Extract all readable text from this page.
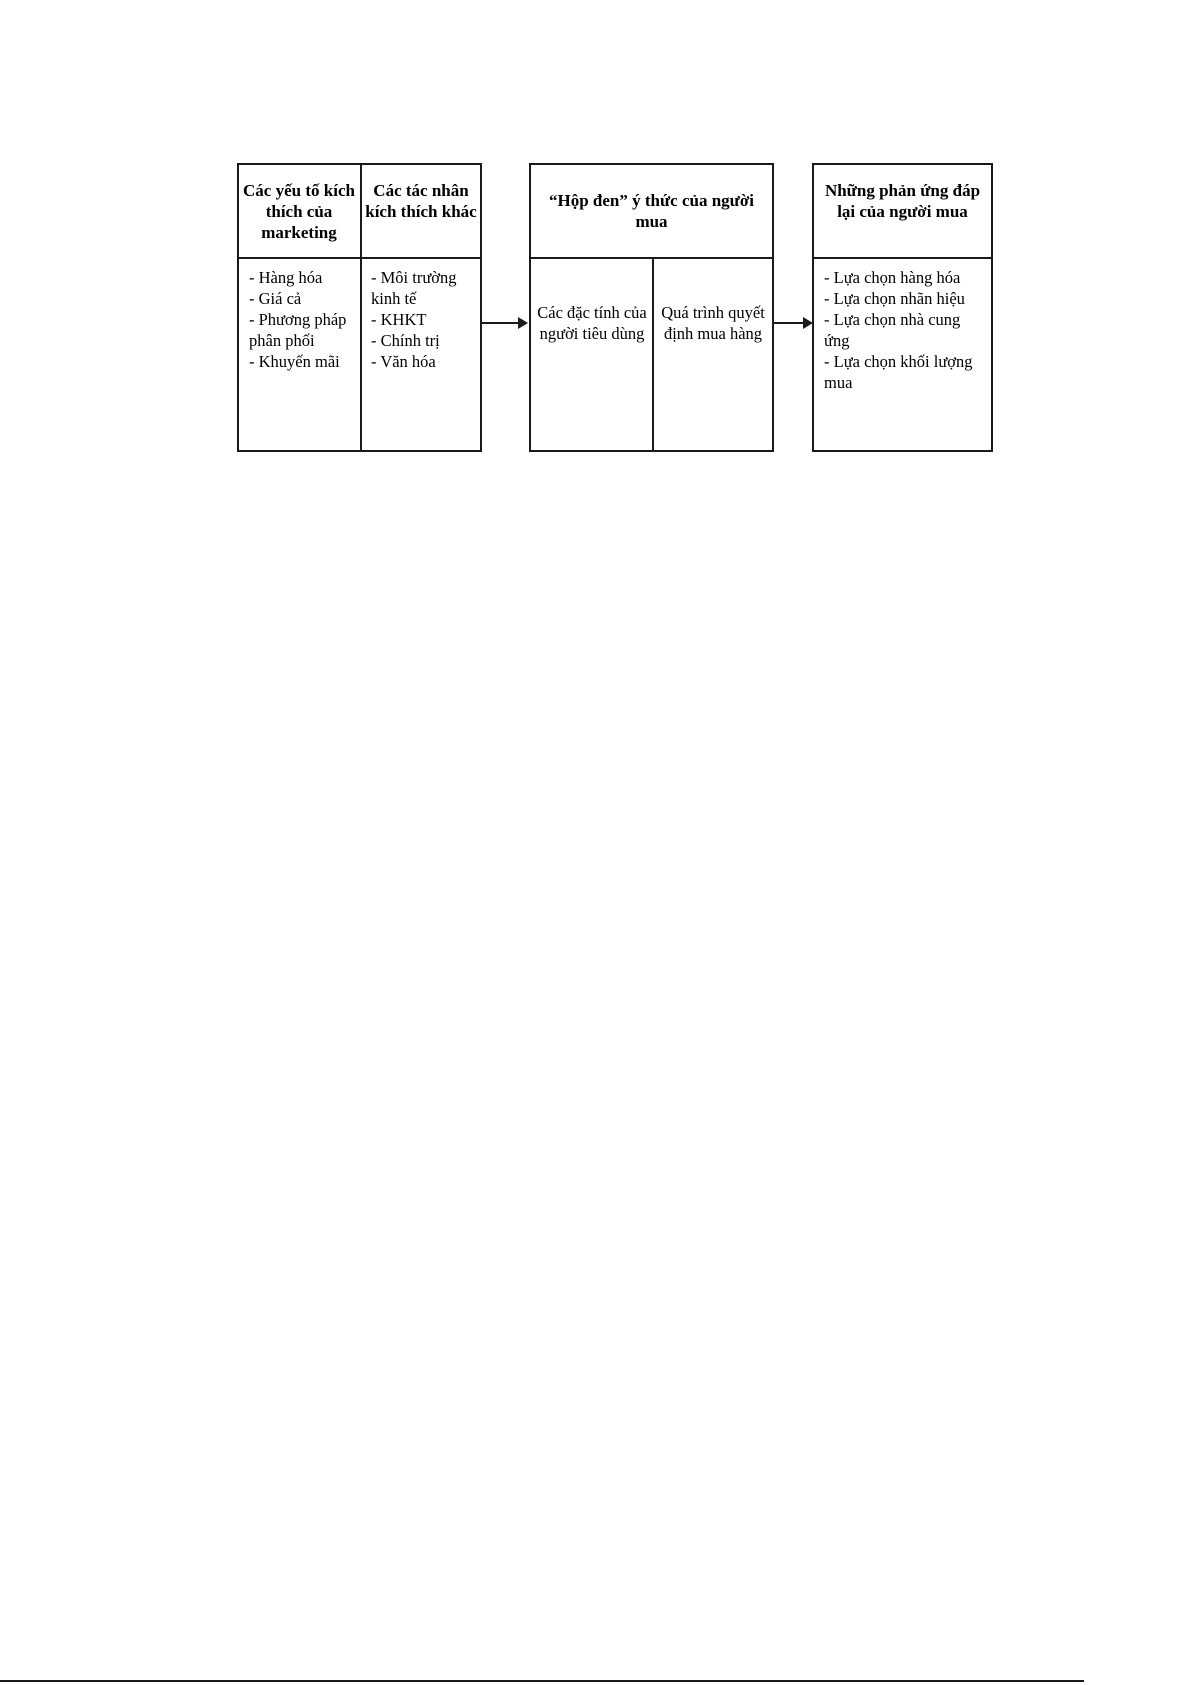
Các yếu tố kích thích của marketing
Các tác nhân kích thích khác
- Hàng hóa
- Giá cả
- Phương pháp phân phối
- Khuyến mãi
- Môi trường kinh tế
- KHKT
- Chính trị
- Văn hóa
“Hộp đen” ý thức của người mua
Các đặc tính của người tiêu dùng
Quá trình quyết định mua hàng
Những phản ứng đáp lại của người mua
- Lựa chọn hàng hóa
- Lựa chọn nhãn hiệu
- Lựa chọn nhà cung ứng
- Lựa chọn khối lượng mua
